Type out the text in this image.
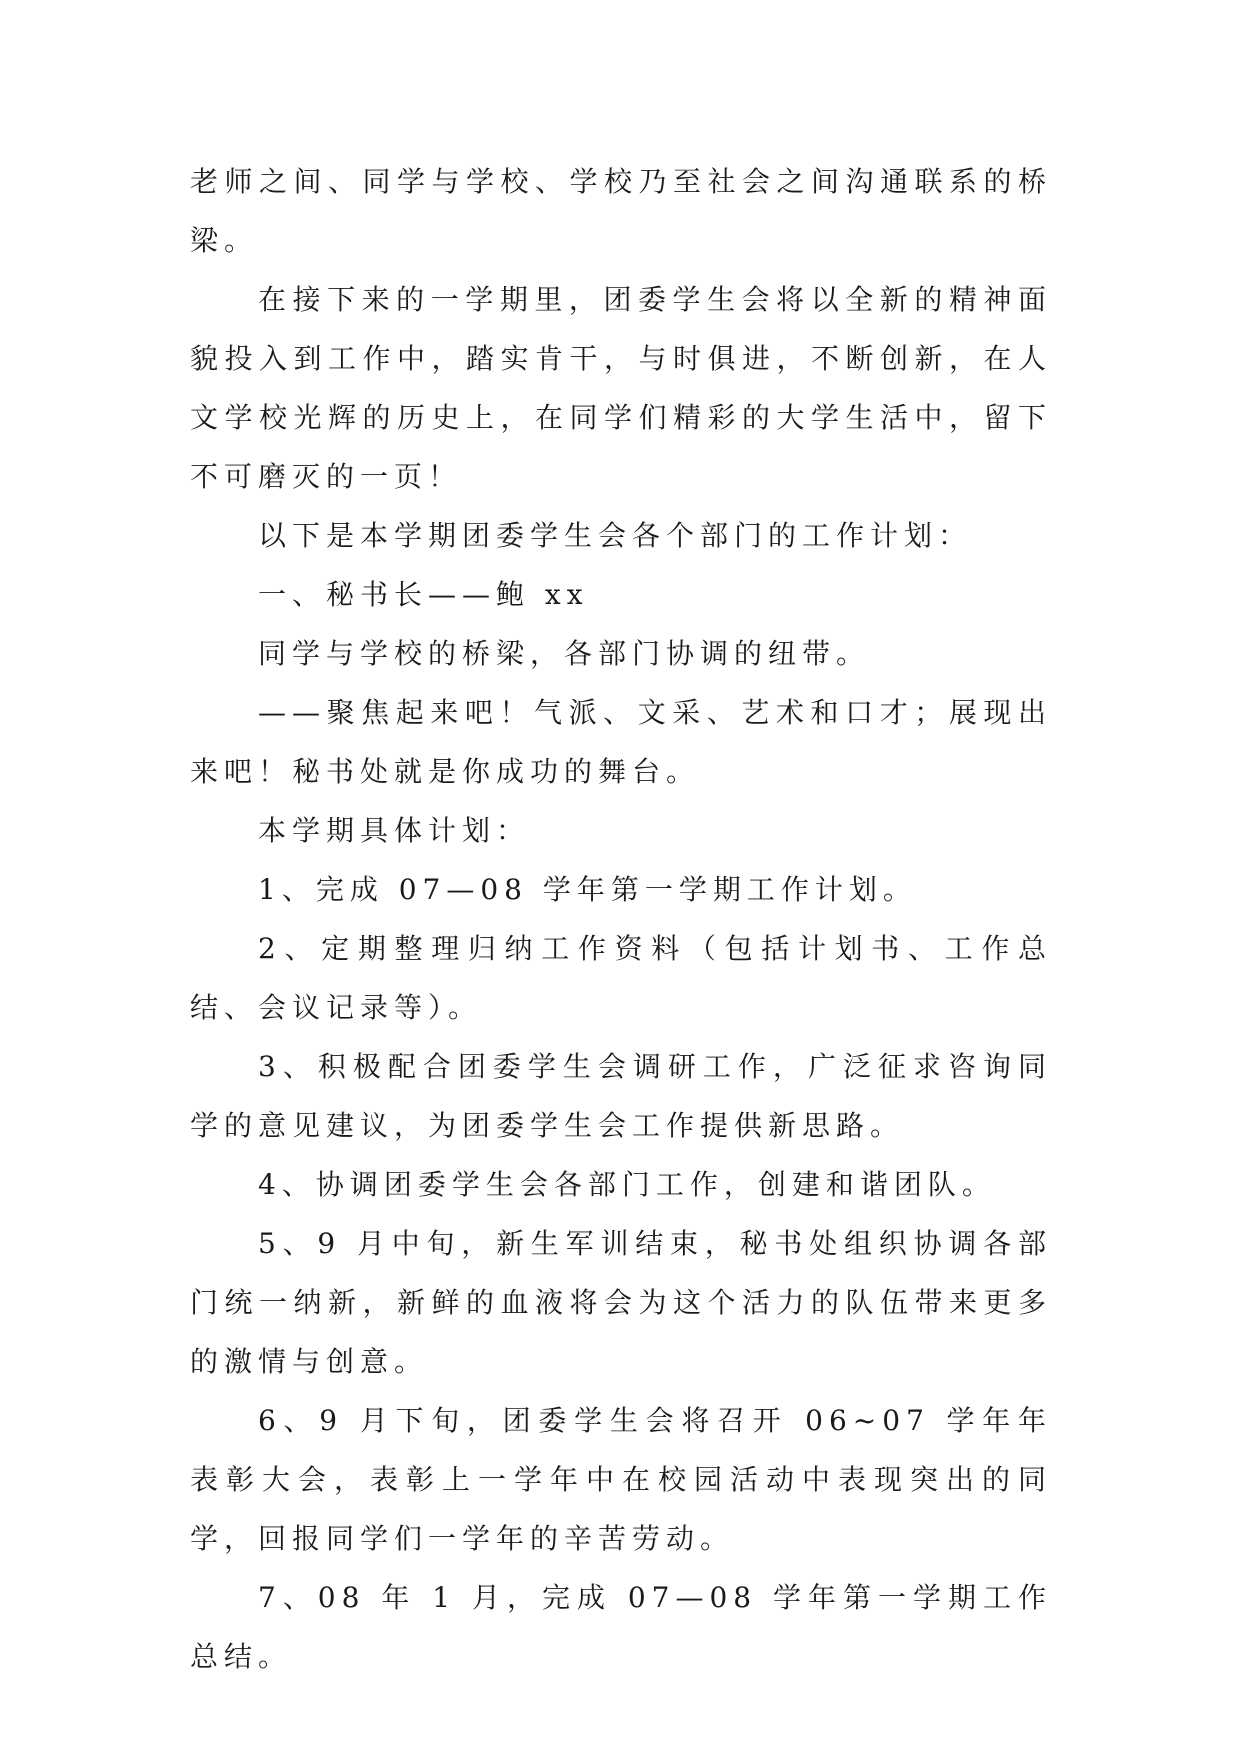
老师之间、同学与学校、学校乃至社会之间沟通联系的桥梁。

在接下来的一学期里，团委学生会将以全新的精神面貌投入到工作中，踏实肯干，与时俱进，不断创新，在人文学校光辉的历史上，在同学们精彩的大学生活中，留下不可磨灭的一页！

以下是本学期团委学生会各个部门的工作计划：

一、秘书长——鲍 xx

同学与学校的桥梁，各部门协调的纽带。

——聚焦起来吧！气派、文采、艺术和口才；展现出来吧！秘书处就是你成功的舞台。

本学期具体计划：

1、完成 07—08 学年第一学期工作计划。

2、定期整理归纳工作资料（包括计划书、工作总结、会议记录等）。

3、积极配合团委学生会调研工作，广泛征求咨询同学的意见建议，为团委学生会工作提供新思路。

4、协调团委学生会各部门工作，创建和谐团队。

5、9 月中旬，新生军训结束，秘书处组织协调各部门统一纳新，新鲜的血液将会为这个活力的队伍带来更多的激情与创意。

6、9 月下旬，团委学生会将召开 06~07 学年年表彰大会，表彰上一学年中在校园活动中表现突出的同学，回报同学们一学年的辛苦劳动。

7、08 年 1 月，完成 07—08 学年第一学期工作总结。
